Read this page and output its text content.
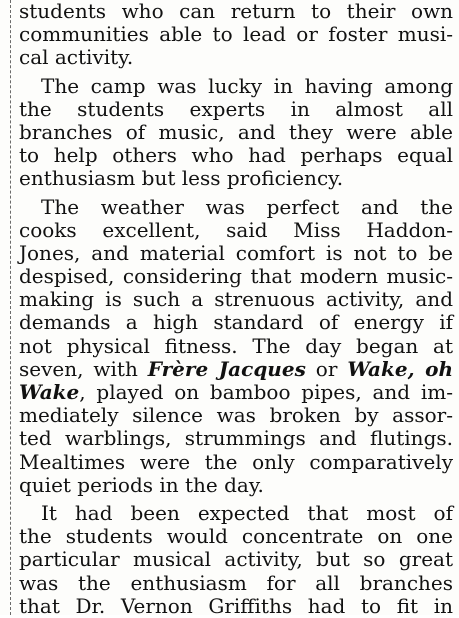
students who can return to their own
communities able to lead or foster musi-
cal activity.
The camp was lucky in having among
the students experts in almost all
branches of music, and they were able
to help others who had perhaps equal
enthusiasm but less proficiency.
The weather was perfect and the
cooks excellent, said Miss Haddon-
Jones, and material comfort is not to be
despised, considering that modern music-
making is such a strenuous activity, and
demands a high standard of energy if
not physical fitness. The day began at
seven, with Frère Jacques or Wake, oh
Wake, played on bamboo pipes, and im-
mediately silence was broken by assor-
ted warblings, strummings and flutings.
Mealtimes were the only comparatively
quiet periods in the day.
It had been expected that most of
the students would concentrate on one
particular musical activity, but so great
was the enthusiasm for all branches
that Dr. Vernon Griffiths had to fit in
